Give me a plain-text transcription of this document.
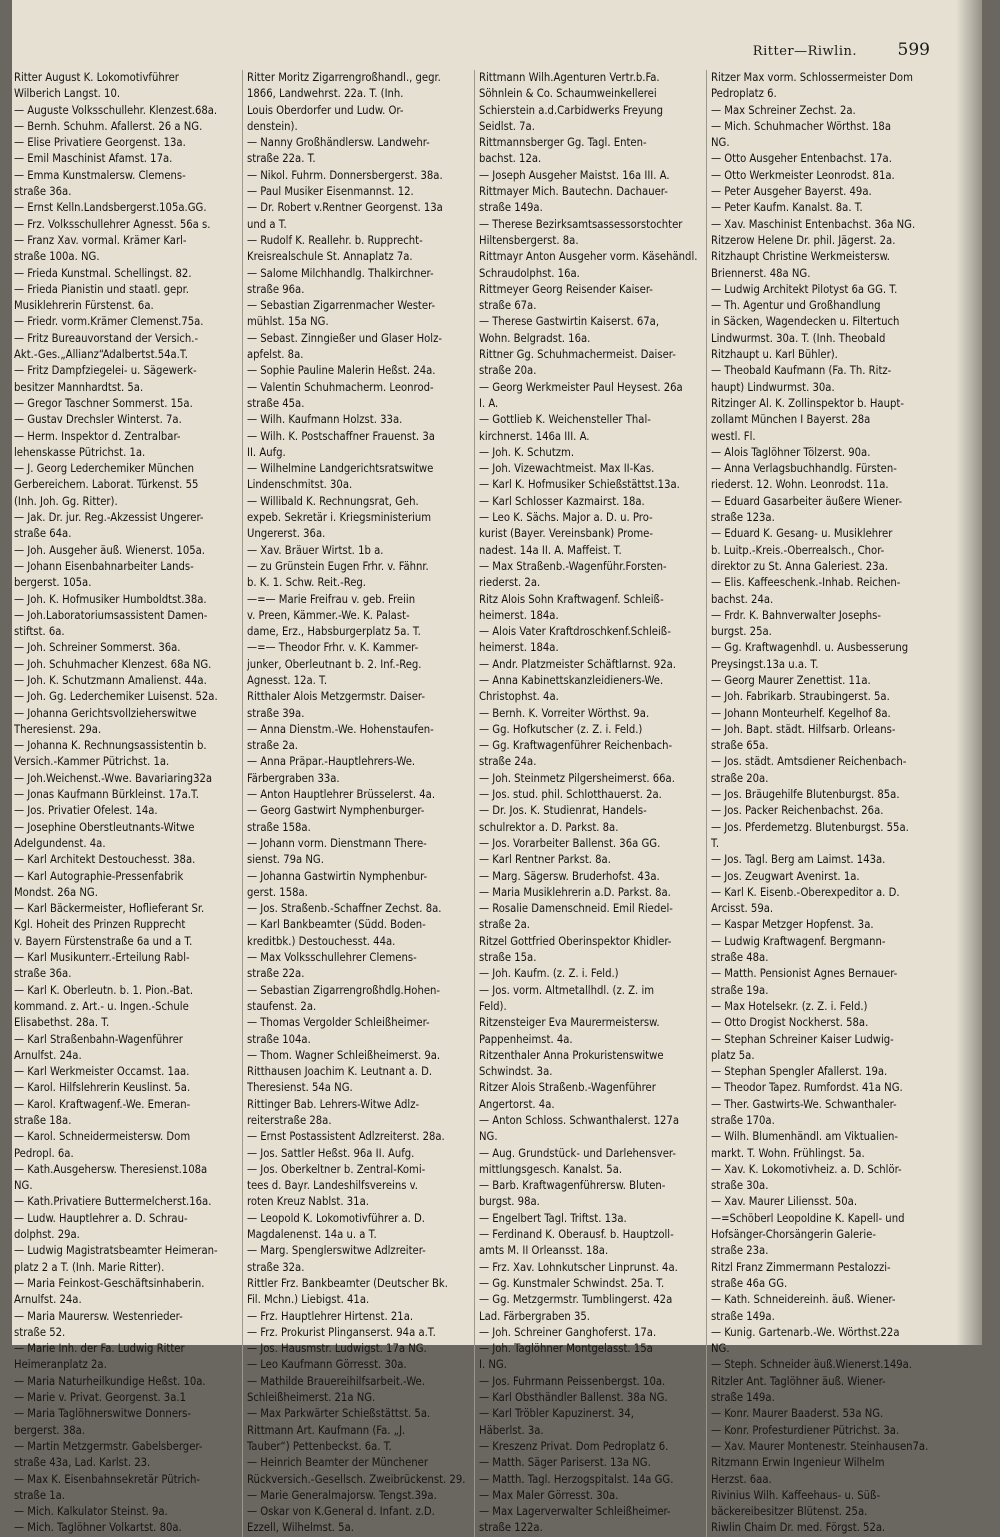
Ritter—Riwlin. 599
Ritter August K. Lokomotivführer
Wilberich Langst. 10.
— Auguste Volksschullehr. Klenzest.68a.
— Bernh. Schuhm. Afallerst. 26 a NG.
— Elise Privatiere Georgenst. 13a.
— Emil Maschinist Afamst. 17a.
— Emma Kunstmalersw. Clemens-
straße 36a.
— Ernst Kelln.Landsbergerst.105a.GG.
— Frz. Volksschullehrer Agnesst. 56a s.
— Franz Xav. vormal. Krämer Karl-
straße 100a. NG.
— Frieda Kunstmal. Schellingst. 82.
— Frieda Pianistin und staatl. gepr.
Musiklehrerin Fürstenst. 6a.
— Friedr. vorm.Krämer Clemenst.75a.
— Fritz Bureauvorstand der Versich.-
Akt.-Ges.„Allianz“Adalbertst.54a.T.
— Fritz Dampfziegelei- u. Sägewerk-
besitzer Mannhardtst. 5a.
— Gregor Taschner Sommerst. 15a.
— Gustav Drechsler Winterst. 7a.
— Herm. Inspektor d. Zentralbar-
lehenskasse Pütrichst. 1a.
— J. Georg Lederchemiker München
Gerbereichem. Laborat. Türkenst. 55
(Inh. Joh. Gg. Ritter).
— Jak. Dr. jur. Reg.-Akzessist Ungerer-
straße 64a.
— Joh. Ausgeher äuß. Wienerst. 105a.
— Johann Eisenbahnarbeiter Lands-
bergerst. 105a.
— Joh. K. Hofmusiker Humboldtst.38a.
— Joh.Laboratoriumsassistent Damen-
stiftst. 6a.
— Joh. Schreiner Sommerst. 36a.
— Joh. Schuhmacher Klenzest. 68a NG.
— Joh. K. Schutzmann Amalienst. 44a.
— Joh. Gg. Lederchemiker Luisenst. 52a.
— Johanna Gerichtsvollzieherswitwe
Theresienst. 29a.
— Johanna K. Rechnungsassistentin b.
Versich.-Kammer Pütrichst. 1a.
— Joh.Weichenst.-Wwe. Bavariaring32a
— Jonas Kaufmann Bürkleinst. 17a.T.
— Jos. Privatier Ofelest. 14a.
— Josephine Oberstleutnants-Witwe
Adelgundenst. 4a.
— Karl Architekt Destouchesst. 38a.
— Karl Autographie-Pressenfabrik
Mondst. 26a NG.
— Karl Bäckermeister, Hoflieferant Sr.
Kgl. Hoheit des Prinzen Rupprecht
v. Bayern Fürstenstraße 6a und a T.
— Karl Musikunterr.-Erteilung Rabl-
straße 36a.
— Karl K. Oberleutn. b. 1. Pion.-Bat.
kommand. z. Art.- u. Ingen.-Schule
Elisabethst. 28a. T.
— Karl Straßenbahn-Wagenführer
Arnulfst. 24a.
— Karl Werkmeister Occamst. 1aa.
— Karol. Hilfslehrerin Keuslinst. 5a.
— Karol. Kraftwagenf.-We. Emeran-
straße 18a.
— Karol. Schneidermeistersw. Dom
Pedropl. 6a.
— Kath.Ausgehersw. Theresienst.108a
NG.
— Kath.Privatiere Buttermelcherst.16a.
— Ludw. Hauptlehrer a. D. Schrau-
dolphst. 29a.
— Ludwig Magistratsbeamter Heimeran-
platz 2 a T. (Inh. Marie Ritter).
— Maria Feinkost-Geschäftsinhaberin.
Arnulfst. 24a.
— Maria Maurersw. Westenrieder-
straße 52.
— Marie Inh. der Fa. Ludwig Ritter
Heimeranplatz 2a.
— Maria Naturheilkundige Heßst. 10a.
— Marie v. Privat. Georgenst. 3a.1
— Maria Taglöhnerswitwe Donners-
bergerst. 38a.
— Martin Metzgermstr. Gabelsberger-
straße 43a, Lad. Karlst. 23.
— Max K. Eisenbahnsekretär Pütrich-
straße 1a.
— Mich. Kalkulator Steinst. 9a.
— Mich. Taglöhner Volkartst. 80a.
Ritter Moritz Zigarrengroßhandl., gegr.
1866, Landwehrst. 22a. T. (Inh.
Louis Oberdorfer und Ludw. Or-
denstein).
— Nanny Großhändlersw. Landwehr-
straße 22a. T.
— Nikol. Fuhrm. Donnersbergerst. 38a.
— Paul Musiker Eisenmannst. 12.
— Dr. Robert v.Rentner Georgenst. 13a
und a T.
— Rudolf K. Reallehr. b. Rupprecht-
Kreisrealschule St. Annaplatz 7a.
— Salome Milchhandlg. Thalkirchner-
straße 96a.
— Sebastian Zigarrenmacher Wester-
mühlst. 15a NG.
— Sebast. Zinngießer und Glaser Holz-
apfelst. 8a.
— Sophie Pauline Malerin Heßst. 24a.
— Valentin Schuhmacherm. Leonrod-
straße 45a.
— Wilh. Kaufmann Holzst. 33a.
— Wilh. K. Postschaffner Frauenst. 3a
II. Aufg.
— Wilhelmine Landgerichtsratswitwe
Lindenschmitst. 30a.
— Willibald K. Rechnungsrat, Geh.
expeb. Sekretär i. Kriegsministerium
Ungererst. 36a.
— Xav. Bräuer Wirtst. 1b a.
— zu Grünstein Eugen Frhr. v. Fähnr.
b. K. 1. Schw. Reit.-Reg.
—=— Marie Freifrau v. geb. Freiin
v. Preen, Kämmer.-We. K. Palast-
dame, Erz., Habsburgerplatz 5a. T.
—=— Theodor Frhr. v. K. Kammer-
junker, Oberleutnant b. 2. Inf.-Reg.
Agnesst. 12a. T.
Ritthaler Alois Metzgermstr. Daiser-
straße 39a.
— Anna Dienstm.-We. Hohenstaufen-
straße 2a.
— Anna Präpar.-Hauptlehrers-We.
Färbergraben 33a.
— Anton Hauptlehrer Brüsselerst. 4a.
— Georg Gastwirt Nymphenburger-
straße 158a.
— Johann vorm. Dienstmann There-
sienst. 79a NG.
— Johanna Gastwirtin Nymphenbur-
gerst. 158a.
— Jos. Straßenb.-Schaffner Zechst. 8a.
— Karl Bankbeamter (Südd. Boden-
kreditbk.) Destouchesst. 44a.
— Max Volksschullehrer Clemens-
straße 22a.
— Sebastian Zigarrengroßhdlg.Hohen-
staufenst. 2a.
— Thomas Vergolder Schleißheimer-
straße 104a.
— Thom. Wagner Schleißheimerst. 9a.
Ritthausen Joachim K. Leutnant a. D.
Theresienst. 54a NG.
Rittinger Bab. Lehrers-Witwe Adlz-
reiterstraße 28a.
— Ernst Postassistent Adlzreiterst. 28a.
— Jos. Sattler Heßst. 96a II. Aufg.
— Jos. Oberkeltner b. Zentral-Komi-
tees d. Bayr. Landeshilfsvereins v.
roten Kreuz Nablst. 31a.
— Leopold K. Lokomotivführer a. D.
Magdalenenst. 14a u. a T.
— Marg. Spenglerswitwe Adlzreiter-
straße 32a.
Rittler Frz. Bankbeamter (Deutscher Bk.
Fil. Mchn.) Liebigst. 41a.
— Frz. Hauptlehrer Hirtenst. 21a.
— Frz. Prokurist Plinganserst. 94a a.T.
— Jos. Hausmstr. Ludwigst. 17a NG.
— Leo Kaufmann Görresst. 30a.
— Mathilde Brauereihilfsarbeit.-We.
Schleißheimerst. 21a NG.
— Max Parkwärter Schießstättst. 5a.
Rittmann Art. Kaufmann (Fa. „J.
Tauber“) Pettenbeckst. 6a. T.
— Heinrich Beamter der Münchener
Rückversich.-Gesellsch. Zweibrückenst. 29.
— Marie Generalmajorsw. Tengst.39a.
— Oskar von K.General d. Infant. z.D.
Ezzell, Wilhelmst. 5a.
Rittmann Wilh.Agenturen Vertr.b.Fa.
Söhnlein & Co. Schaumweinkellerei
Schierstein a.d.Carbidwerks Freyung
Seidlst. 7a.
Rittmannsberger Gg. Tagl. Enten-
bachst. 12a.
— Joseph Ausgeher Maistst. 16a III. A.
Rittmayer Mich. Bautechn. Dachauer-
straße 149a.
— Therese Bezirksamtsassessorstochter
Hiltensbergerst. 8a.
Rittmayr Anton Ausgeher vorm. Käsehändl.
Schraudolphst. 16a.
Rittmeyer Georg Reisender Kaiser-
straße 67a.
— Therese Gastwirtin Kaiserst. 67a,
Wohn. Belgradst. 16a.
Rittner Gg. Schuhmachermeist. Daiser-
straße 20a.
— Georg Werkmeister Paul Heysest. 26a
I. A.
— Gottlieb K. Weichensteller Thal-
kirchnerst. 146a III. A.
— Joh. K. Schutzm.
— Joh. Vizewachtmeist. Max II-Kas.
— Karl K. Hofmusiker Schießstättst.13a.
— Karl Schlosser Kazmairst. 18a.
— Leo K. Sächs. Major a. D. u. Pro-
kurist (Bayer. Vereinsbank) Prome-
nadest. 14a II. A. Maffeist. T.
— Max Straßenb.-Wagenführ.Forsten-
riederst. 2a.
Ritz Alois Sohn Kraftwagenf. Schleiß-
heimerst. 184a.
— Alois Vater Kraftdroschkenf.Schleiß-
heimerst. 184a.
— Andr. Platzmeister Schäftlarnst. 92a.
— Anna Kabinettskanzleidieners-We.
Christophst. 4a.
— Bernh. K. Vorreiter Wörthst. 9a.
— Gg. Hofkutscher (z. Z. i. Feld.)
— Gg. Kraftwagenführer Reichenbach-
straße 24a.
— Joh. Steinmetz Pilgersheimerst. 66a.
— Jos. stud. phil. Schlotthauerst. 2a.
— Dr. Jos. K. Studienrat, Handels-
schulrektor a. D. Parkst. 8a.
— Jos. Vorarbeiter Ballenst. 36a GG.
— Karl Rentner Parkst. 8a.
— Marg. Sägersw. Bruderhofst. 43a.
— Maria Musiklehrerin a.D. Parkst. 8a.
— Rosalie Damenschneid. Emil Riedel-
straße 2a.
Ritzel Gottfried Oberinspektor Khidler-
straße 15a.
— Joh. Kaufm. (z. Z. i. Feld.)
— Jos. vorm. Altmetallhdl. (z. Z. im
Feld).
Ritzensteiger Eva Maurermeistersw.
Pappenheimst. 4a.
Ritzenthaler Anna Prokuristenswitwe
Schwindst. 3a.
Ritzer Alois Straßenb.-Wagenführer
Angertorst. 4a.
— Anton Schloss. Schwanthalerst. 127a
NG.
— Aug. Grundstück- und Darlehensver-
mittlungsgesch. Kanalst. 5a.
— Barb. Kraftwagenführersw. Bluten-
burgst. 98a.
— Engelbert Tagl. Triftst. 13a.
— Ferdinand K. Oberausf. b. Hauptzoll-
amts M. II Orleansst. 18a.
— Frz. Xav. Lohnkutscher Linprunst. 4a.
— Gg. Kunstmaler Schwindst. 25a. T.
— Gg. Metzgermstr. Tumblingerst. 42a
Lad. Färbergraben 35.
— Joh. Schreiner Ganghoferst. 17a.
— Joh. Taglöhner Montgelasst. 15a
I. NG.
— Jos. Fuhrmann Peissenbergst. 10a.
— Karl Obsthändler Ballenst. 38a NG.
— Karl Tröbler Kapuzinerst. 34,
Häberlst. 3a.
— Kreszenz Privat. Dom Pedroplatz 6.
— Matth. Säger Pariserst. 13a NG.
— Matth. Tagl. Herzogspitalst. 14a GG.
— Max Maler Görresst. 30a.
— Max Lagerverwalter Schleißheimer-
straße 122a.
Ritzer Max vorm. Schlossermeister Dom
Pedroplatz 6.
— Max Schreiner Zechst. 2a.
— Mich. Schuhmacher Wörthst. 18a
NG.
— Otto Ausgeher Entenbachst. 17a.
— Otto Werkmeister Leonrodst. 81a.
— Peter Ausgeher Bayerst. 49a.
— Peter Kaufm. Kanalst. 8a. T.
— Xav. Maschinist Entenbachst. 36a NG.
Ritzerow Helene Dr. phil. Jägerst. 2a.
Ritzhaupt Christine Werkmeistersw.
Briennerst. 48a NG.
— Ludwig Architekt Pilotyst 6a GG. T.
— Th. Agentur und Großhandlung
in Säcken, Wagendecken u. Filtertuch
Lindwurmst. 30a. T. (Inh. Theobald
Ritzhaupt u. Karl Bühler).
— Theobald Kaufmann (Fa. Th. Ritz-
haupt) Lindwurmst. 30a.
Ritzinger Al. K. Zollinspektor b. Haupt-
zollamt München I Bayerst. 28a
westl. Fl.
— Alois Taglöhner Tölzerst. 90a.
— Anna Verlagsbuchhandlg. Fürsten-
riederst. 12. Wohn. Leonrodst. 11a.
— Eduard Gasarbeiter äußere Wiener-
straße 123a.
— Eduard K. Gesang- u. Musiklehrer
b. Luitp.-Kreis.-Oberrealsch., Chor-
direktor zu St. Anna Galeriest. 23a.
— Elis. Kaffeeschenk.-Inhab. Reichen-
bachst. 24a.
— Frdr. K. Bahnverwalter Josephs-
burgst. 25a.
— Gg. Kraftwagenhdl. u. Ausbesserung
Preysingst.13a u.a. T.
— Georg Maurer Zenettist. 11a.
— Joh. Fabrikarb. Straubingerst. 5a.
— Johann Monteurhelf. Kegelhof 8a.
— Joh. Bapt. städt. Hilfsarb. Orleans-
straße 65a.
— Jos. städt. Amtsdiener Reichenbach-
straße 20a.
— Jos. Bräugehilfe Blutenburgst. 85a.
— Jos. Packer Reichenbachst. 26a.
— Jos. Pferdemetzg. Blutenburgst. 55a.
T.
— Jos. Tagl. Berg am Laimst. 143a.
— Jos. Zeugwart Avenirst. 1a.
— Karl K. Eisenb.-Oberexpeditor a. D.
Arcisst. 59a.
— Kaspar Metzger Hopfenst. 3a.
— Ludwig Kraftwagenf. Bergmann-
straße 48a.
— Matth. Pensionist Agnes Bernauer-
straße 19a.
— Max Hotelsekr. (z. Z. i. Feld.)
— Otto Drogist Nockherst. 58a.
— Stephan Schreiner Kaiser Ludwig-
platz 5a.
— Stephan Spengler Afallerst. 19a.
— Theodor Tapez. Rumfordst. 41a NG.
— Ther. Gastwirts-We. Schwanthaler-
straße 170a.
— Wilh. Blumenhändl. am Viktualien-
markt. T. Wohn. Frühlingst. 5a.
— Xav. K. Lokomotivheiz. a. D. Schlör-
straße 30a.
— Xav. Maurer Liliensst. 50a.
—=Schöberl Leopoldine K. Kapell- und
Hofsänger-Chorsängerin Galerie-
straße 23a.
Ritzl Franz Zimmermann Pestalozzi-
straße 46a GG.
— Kath. Schneidereinh. äuß. Wiener-
straße 149a.
— Kunig. Gartenarb.-We. Wörthst.22a
NG.
— Steph. Schneider äuß.Wienerst.149a.
Ritzler Ant. Taglöhner äuß. Wiener-
straße 149a.
— Konr. Maurer Baaderst. 53a NG.
— Konr. Profesturdiener Pütrichst. 3a.
— Xav. Maurer Montenestr. Steinhausen7a.
Ritzmann Erwin Ingenieur Wilhelm
Herzst. 6aa.
Rivinius Wilh. Kaffeehaus- u. Süß-
bäckereibesitzer Blütenst. 25a.
Riwlin Chaim Dr. med. Förgst. 52a.
